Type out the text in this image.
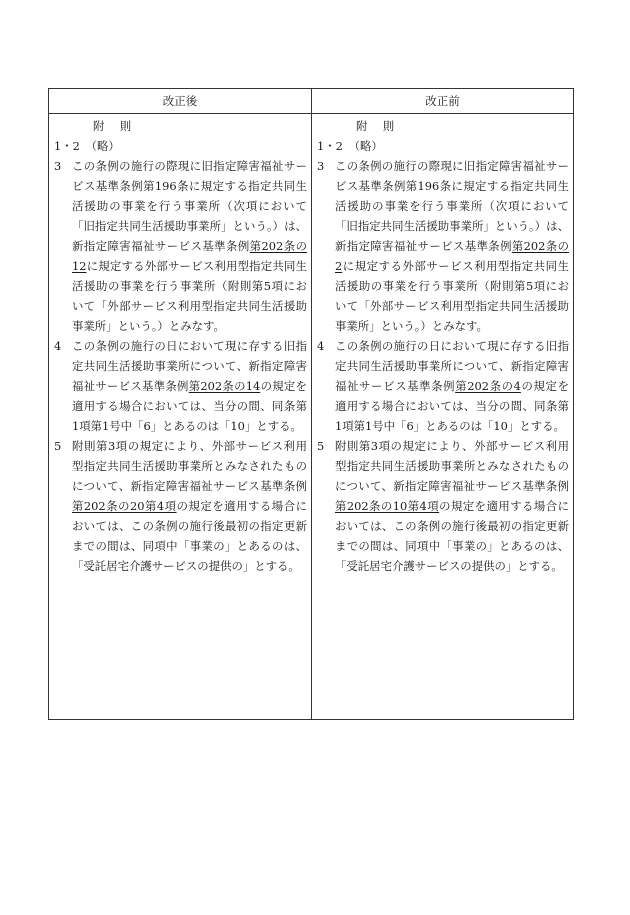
改正後
附　則
1・2　（略）
3 この条例の施行の際現に旧指定障害福祉サービス基準条例第196条に規定する指定共同生活援助の事業を行う事業所（次項において「旧指定共同生活援助事業所」という。）は、新指定障害福祉サービス基準条例第202条の12に規定する外部サービス利用型指定共同生活援助の事業を行う事業所（附則第5項において「外部サービス利用型指定共同生活援助事業所」という。）とみなす。
4 この条例の施行の日において現に存する旧指定共同生活援助事業所について、新指定障害福祉サービス基準条例第202条の14の規定を適用する場合においては、当分の間、同条第1項第1号中「6」とあるのは「10」とする。
5 附則第3項の規定により、外部サービス利用型指定共同生活援助事業所とみなされたものについて、新指定障害福祉サービス基準条例第202条の20第4項の規定を適用する場合においては、この条例の施行後最初の指定更新までの間は、同項中「事業の」とあるのは、「受託居宅介護サービスの提供の」とする。
改正前
附　則
1・2　（略）
3 この条例の施行の際現に旧指定障害福祉サービス基準条例第196条に規定する指定共同生活援助の事業を行う事業所（次項において「旧指定共同生活援助事業所」という。）は、新指定障害福祉サービス基準条例第202条の2に規定する外部サービス利用型指定共同生活援助の事業を行う事業所（附則第5項において「外部サービス利用型指定共同生活援助事業所」という。）とみなす。
4 この条例の施行の日において現に存する旧指定共同生活援助事業所について、新指定障害福祉サービス基準条例第202条の4の規定を適用する場合においては、当分の間、同条第1項第1号中「6」とあるのは「10」とする。
5 附則第3項の規定により、外部サービス利用型指定共同生活援助事業所とみなされたものについて、新指定障害福祉サービス基準条例第202条の10第4項の規定を適用する場合においては、この条例の施行後最初の指定更新までの間は、同項中「事業の」とあるのは、「受託居宅介護サービスの提供の」とする。
